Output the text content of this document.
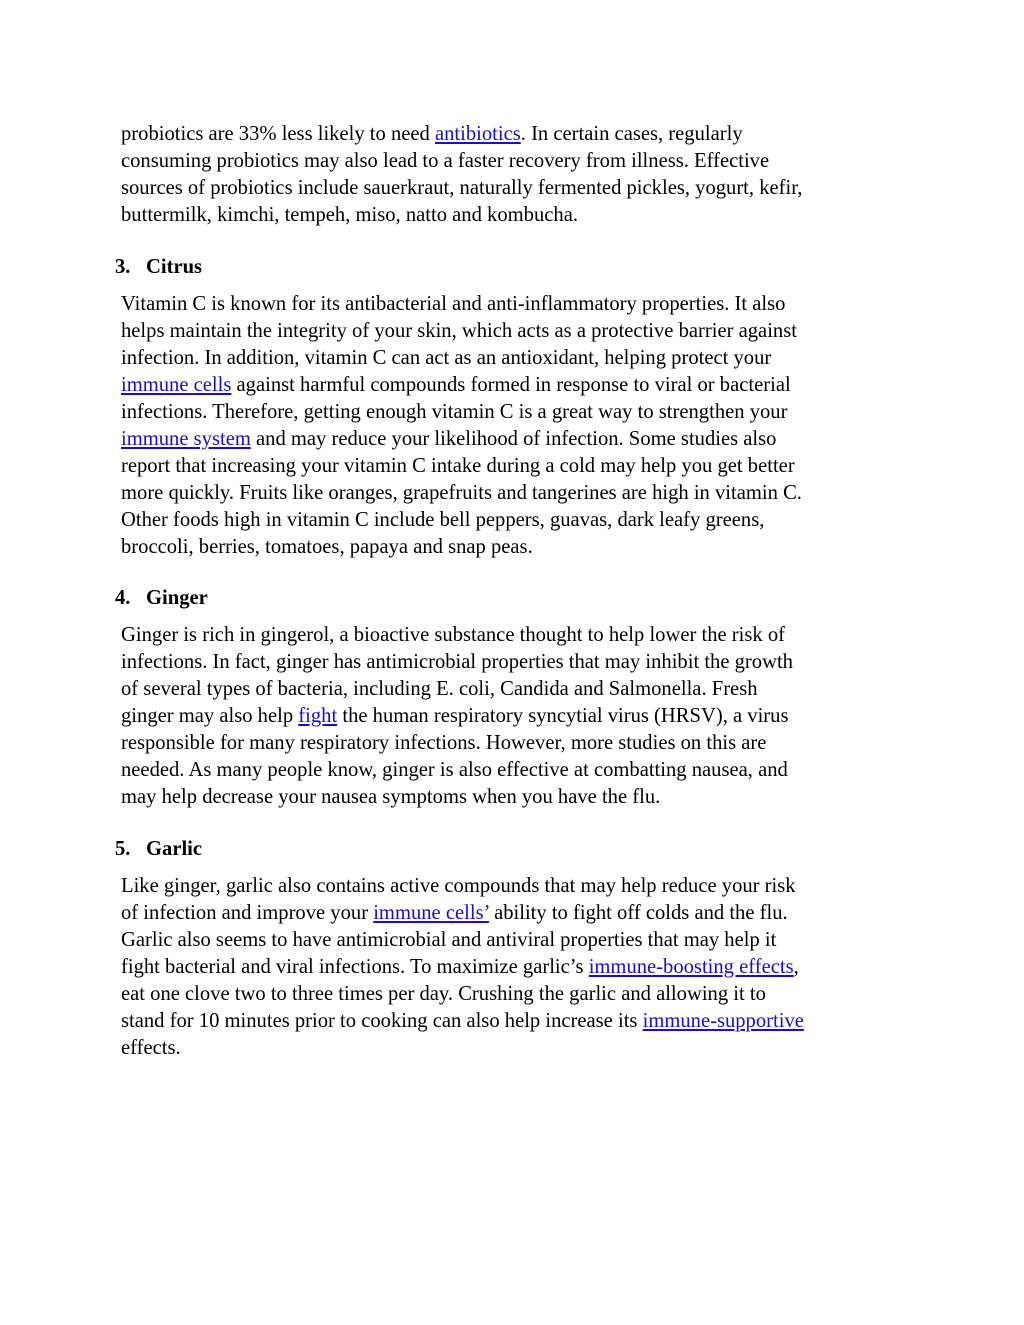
probiotics are 33% less likely to need antibiotics. In certain cases, regularly
consuming probiotics may also lead to a faster recovery from illness. Effective
sources of probiotics include sauerkraut, naturally fermented pickles, yogurt, kefir,
buttermilk, kimchi, tempeh, miso, natto and kombucha.

3. Citrus

Vitamin C is known for its antibacterial and anti-inflammatory properties. It also
helps maintain the integrity of your skin, which acts as a protective barrier against
infection. In addition, vitamin C can act as an antioxidant, helping protect your
immune cells against harmful compounds formed in response to viral or bacterial
infections. Therefore, getting enough vitamin C is a great way to strengthen your
immune system and may reduce your likelihood of infection. Some studies also
report that increasing your vitamin C intake during a cold may help you get better
more quickly. Fruits like oranges, grapefruits and tangerines are high in vitamin C.
Other foods high in vitamin C include bell peppers, guavas, dark leafy greens,
broccoli, berries, tomatoes, papaya and snap peas.

4. Ginger

Ginger is rich in gingerol, a bioactive substance thought to help lower the risk of
infections. In fact, ginger has antimicrobial properties that may inhibit the growth
of several types of bacteria, including E. coli, Candida and Salmonella. Fresh
ginger may also help fight the human respiratory syncytial virus (HRSV), a virus
responsible for many respiratory infections. However, more studies on this are
needed. As many people know, ginger is also effective at combatting nausea, and
may help decrease your nausea symptoms when you have the flu.

5. Garlic

Like ginger, garlic also contains active compounds that may help reduce your risk
of infection and improve your immune cells’ ability to fight off colds and the flu.
Garlic also seems to have antimicrobial and antiviral properties that may help it
fight bacterial and viral infections. To maximize garlic’s immune-boosting effects,
eat one clove two to three times per day. Crushing the garlic and allowing it to
stand for 10 minutes prior to cooking can also help increase its immune-supportive
effects.
